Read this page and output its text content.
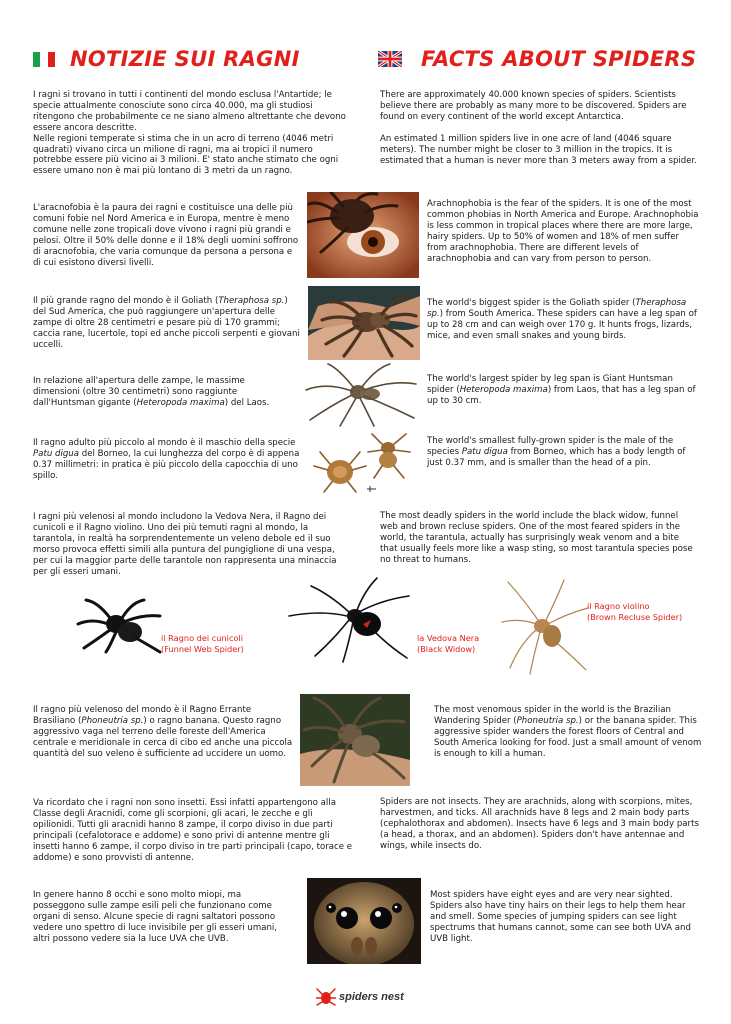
NOTIZIE SUI RAGNI	FACTS ABOUT SPIDERS

I ragni si trovano in tutti i continenti del mondo esclusa l'Antartide; le specie attualmente conosciute sono circa 40.000, ma gli studiosi ritengono che probabilmente ce ne siano almeno altrettante che devono essere ancora descritte.

Nelle regioni temperate si stima che in un acro di terreno (4046 metri quadrati) vivano circa un milione di ragni, ma ai tropici il numero potrebbe essere più vicino ai 3 milioni. E' stato anche stimato che ogni essere umano non è mai più lontano di 3 metri da un ragno.

There are approximately 40.000 known species of spiders. Scientists believe there are probably as many more to be discovered. Spiders are found on every continent of the world except Antarctica.

An estimated 1 million spiders live in one acre of land (4046 square meters). The number might be closer to 3 million in the tropics. It is estimated that a human is never more than 3 meters away from a spider.

L'aracnofobia è la paura dei ragni e costituisce una delle più comuni fobie nel Nord America e in Europa, mentre è meno comune nelle zone tropicali dove vivono i ragni più grandi e pelosi. Oltre il 50% delle donne e il 18% degli uomini soffrono di aracnofobia, che varia comunque da persona a persona e di cui esistono diversi livelli.
Arachnophobia is the fear of the spiders. It is one of the most common phobias in North America and Europe. Arachnophobia is less common in tropical places where there are more large, hairy spiders. Up to 50% of women and 18% of men suffer from arachnophobia. There are different levels of arachnophobia and can vary from person to person.
Il più grande ragno del mondo è il Goliath (Theraphosa sp.) del Sud America, che può raggiungere un'apertura delle zampe di oltre 28 centimetri e pesare più di 170 grammi; caccia rane, lucertole, topi ed anche piccoli serpenti e giovani uccelli.
The world's biggest spider is the Goliath spider (Theraphosa sp.) from South America. These spiders can have a leg span of up to 28 cm and can weigh over 170 g. It hunts frogs, lizards, mice, and even small snakes and young birds.
In relazione all'apertura delle zampe, le massime dimensioni (oltre 30 centimetri) sono raggiunte dall'Huntsman gigante (Heteropoda maxima) del Laos.
The world's largest spider by leg span is Giant Huntsman spider (Heteropoda maxima) from Laos, that has a leg span of up to 30 cm.
Il ragno adulto più piccolo al mondo è il maschio della specie Patu digua del Borneo, la cui lunghezza del corpo è di appena 0.37 millimetri: in pratica è più piccolo della capocchia di uno spillo.
The world's smallest fully-grown spider is the male of the species Patu digua from Borneo, which has a body length of just 0.37 mm, and is smaller than the head of a pin.
I ragni più velenosi al mondo includono la Vedova Nera, il Ragno dei cunicoli e il Ragno violino. Uno dei più temuti ragni al mondo, la tarantola, in realtà ha sorprendentemente un veleno debole ed il suo morso provoca effetti simili alla puntura del pungiglione di una vespa, per cui la maggior parte delle tarantole non rappresenta una minaccia per gli esseri umani.
The most deadly spiders in the world include the black widow, funnel web and brown recluse spiders. One of the most feared spiders in the world, the tarantula, actually has surprisingly weak venom and a bite that usually feels more like a wasp sting, so most tarantula species pose no threat to humans.
il Ragno dei cunicoli
(Funnel Web Spider)
la Vedova Nera
(Black Widow)
il Ragno violino
(Brown Recluse Spider)
Il ragno più velenoso del mondo è il Ragno Errante Brasiliano (Phoneutria sp.) o ragno banana. Questo ragno aggressivo vaga nel terreno delle foreste dell'America centrale e meridionale in cerca di cibo ed anche una piccola quantità del suo veleno è sufficiente ad uccidere un uomo.
The most venomous spider in the world is the Brazilian Wandering Spider (Phoneutria sp.) or the banana spider. This aggressive spider wanders the forest floors of Central and South America looking for food. Just a small amount of venom is enough to kill a human.
Va ricordato che i ragni non sono insetti. Essi infatti appartengono alla Classe degli Aracnidi, come gli scorpioni, gli acari, le zecche e gli opilionidi. Tutti gli aracnidi hanno 8 zampe, il corpo diviso in due parti principali (cefalotorace e addome) e sono privi di antenne mentre gli insetti hanno 6 zampe, il corpo diviso in tre parti principali (capo, torace e addome) e sono provvisti di antenne.
Spiders are not insects. They are arachnids, along with scorpions, mites, harvestmen, and ticks. All arachnids have 8 legs and 2 main body parts (cephalothorax and abdomen). Insects have 6 legs and 3 main body parts (a head, a thorax, and an abdomen). Spiders don't have antennae and wings, while insects do.
In genere hanno 8 occhi e sono molto miopi, ma posseggono sulle zampe esili peli che funzionano come organi di senso. Alcune specie di ragni saltatori possono vedere uno spettro di luce invisibile per gli esseri umani, altri possono vedere sia la luce UVA che UVB.
Most spiders have eight eyes and are very near sighted. Spiders also have tiny hairs on their legs to help them hear and smell. Some species of jumping spiders can see light spectrums that humans cannot, some can see both UVA and UVB light.
spiders nest
